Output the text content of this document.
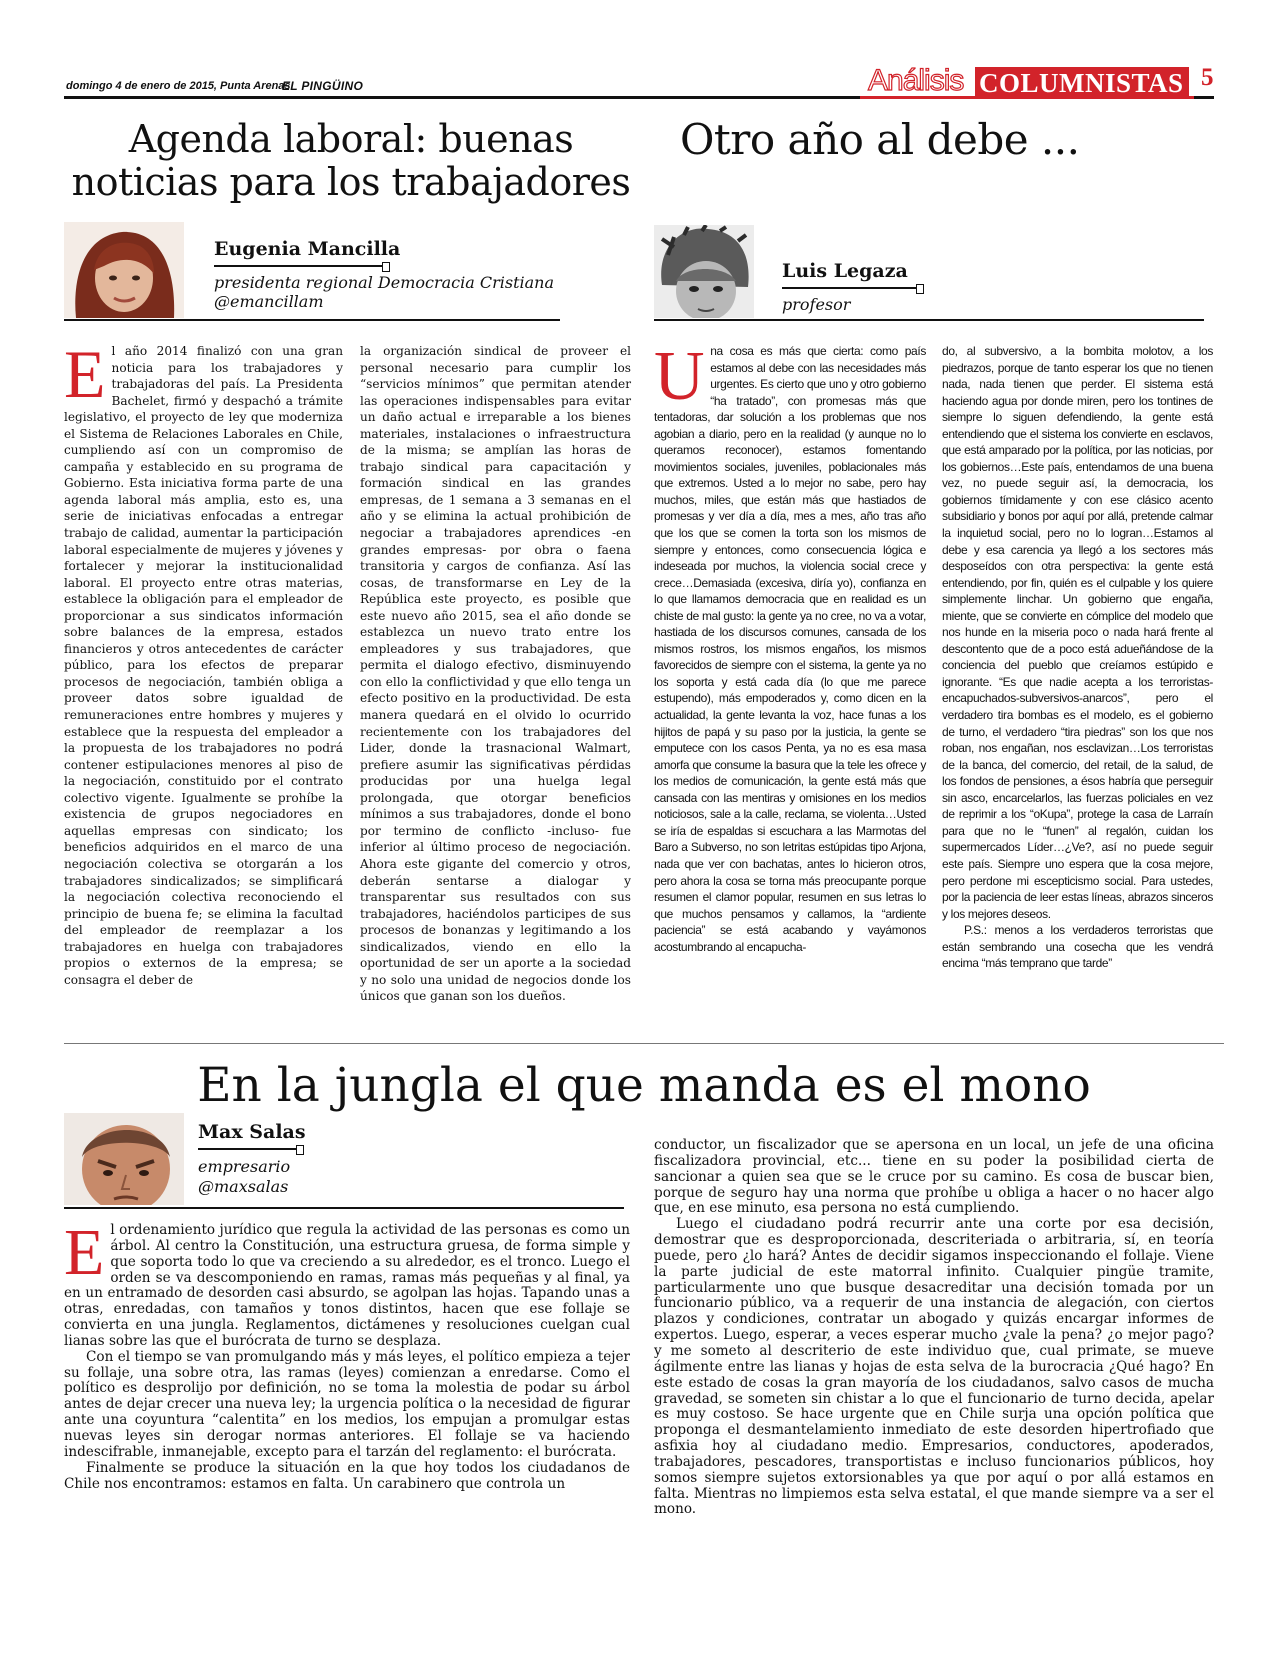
domingo 4 de enero de 2015, Punta Arenas
EL PINGÜINO	Análisis COLUMNISTAS 5
Agenda laboral: buenas noticias para los trabajadores
Eugenia Mancilla
presidenta regional Democracia Cristiana
@emancillam
El año 2014 finalizó con una gran noticia para los trabajadores y trabajadoras del país. La Presidenta Bachelet, firmó y despachó a trámite legislativo, el proyecto de ley que moderniza el Sistema de Relaciones Laborales en Chile, cumpliendo así con un compromiso de campaña y establecido en su programa de Gobierno. Esta iniciativa forma parte de una agenda laboral más amplia, esto es, una serie de iniciativas enfocadas a entregar trabajo de calidad, aumentar la participación laboral especialmente de mujeres y jóvenes y fortalecer y mejorar la institucionalidad laboral. El proyecto entre otras materias, establece la obligación para el empleador de proporcionar a sus sindicatos información sobre balances de la empresa, estados financieros y otros antecedentes de carácter público, para los efectos de preparar procesos de negociación, también obliga a proveer datos sobre igualdad de remuneraciones entre hombres y mujeres y establece que la respuesta del empleador a la propuesta de los trabajadores no podrá contener estipulaciones menores al piso de la negociación, constituido por el contrato colectivo vigente. Igualmente se prohíbe la existencia de grupos negociadores en aquellas empresas con sindicato; los beneficios adquiridos en el marco de una negociación colectiva se otorgarán a los trabajadores sindicalizados; se simplificará la negociación colectiva reconociendo el principio de buena fe; se elimina la facultad del empleador de reemplazar a los trabajadores en huelga con trabajadores propios o externos de la empresa; se consagra el deber de
la organización sindical de proveer el personal necesario para cumplir los “servicios mínimos” que permitan atender las operaciones indispensables para evitar un daño actual e irreparable a los bienes materiales, instalaciones o infraestructura de la misma; se amplían las horas de trabajo sindical para capacitación y formación sindical en las grandes empresas, de 1 semana a 3 semanas en el año y se elimina la actual prohibición de negociar a trabajadores aprendices -en grandes empresas- por obra o faena transitoria y cargos de confianza. Así las cosas, de transformarse en Ley de la República este proyecto, es posible que este nuevo año 2015, sea el año donde se establezca un nuevo trato entre los empleadores y sus trabajadores, que permita el dialogo efectivo, disminuyendo con ello la conflictividad y que ello tenga un efecto positivo en la productividad. De esta manera quedará en el olvido lo ocurrido recientemente con los trabajadores del Lider, donde la trasnacional Walmart, prefiere asumir las significativas pérdidas producidas por una huelga legal prolongada, que otorgar beneficios mínimos a sus trabajadores, donde el bono por termino de conflicto -incluso- fue inferior al último proceso de negociación. Ahora este gigante del comercio y otros, deberán sentarse a dialogar y transparentar sus resultados con sus trabajadores, haciéndolos participes de sus procesos de bonanzas y legitimando a los sindicalizados, viendo en ello la oportunidad de ser un aporte a la sociedad y no solo una unidad de negocios donde los únicos que ganan son los dueños.
Otro año al debe ...
Luis Legaza
profesor
Una cosa es más que cierta: como país estamos al debe con las necesidades más urgentes. Es cierto que uno y otro gobierno “ha tratado”, con promesas más que tentadoras, dar solución a los problemas que nos agobian a diario, pero en la realidad (y aunque no lo queramos reconocer), estamos fomentando movimientos sociales, juveniles, poblacionales más que extremos. Usted a lo mejor no sabe, pero hay muchos, miles, que están más que hastiados de promesas y ver día a día, mes a mes, año tras año que los que se comen la torta son los mismos de siempre y entonces, como consecuencia lógica e indeseada por muchos, la violencia social crece y crece…Demasiada (excesiva, diría yo), confianza en lo que llamamos democracia que en realidad es un chiste de mal gusto: la gente ya no cree, no va a votar, hastiada de los discursos comunes, cansada de los mismos rostros, los mismos engaños, los mismos favorecidos de siempre con el sistema, la gente ya no los soporta y está cada día (lo que me parece estupendo), más empoderados y, como dicen en la actualidad, la gente levanta la voz, hace funas a los hijitos de papá y su paso por la justicia, la gente se emputece con los casos Penta, ya no es esa masa amorfa que consume la basura que la tele les ofrece y los medios de comunicación, la gente está más que cansada con las mentiras y omisiones en los medios noticiosos, sale a la calle, reclama, se violenta…Usted se iría de espaldas si escuchara a las Marmotas del Baro a Subverso, no son letritas estúpidas tipo Arjona, nada que ver con bachatas, antes lo hicieron otros, pero ahora la cosa se torna más preocupante porque resumen el clamor popular, resumen en sus letras lo que muchos pensamos y callamos, la “ardiente paciencia” se está acabando y vayámonos acostumbrando al encapucha-

do, al subversivo, a la bombita molotov, a los piedrazos, porque de tanto esperar los que no tienen nada, nada tienen que perder. El sistema está haciendo agua por donde miren, pero los tontines de siempre lo siguen defendiendo, la gente está entendiendo que el sistema los convierte en esclavos, que está amparado por la política, por las noticias, por los gobiernos…Este país, entendamos de una buena vez, no puede seguir así, la democracia, los gobiernos tímidamente y con ese clásico acento subsidiario y bonos por aquí por allá, pretende calmar la inquietud social, pero no lo logran…Estamos al debe y esa carencia ya llegó a los sectores más desposeídos con otra perspectiva: la gente está entendiendo, por fin, quién es el culpable y los quiere simplemente linchar. Un gobierno que engaña, miente, que se convierte en cómplice del modelo que nos hunde en la miseria poco o nada hará frente al descontento que de a poco está adueñándose de la conciencia del pueblo que creíamos estúpido e ignorante. “Es que nadie acepta a los terroristas-encapuchados-subversivos-anarcos”, pero el verdadero tira bombas es el modelo, es el gobierno de turno, el verdadero “tira piedras” son los que nos roban, nos engañan, nos esclavizan…Los terroristas de la banca, del comercio, del retail, de la salud, de los fondos de pensiones, a ésos habría que perseguir sin asco, encarcelarlos, las fuerzas policiales en vez de reprimir a los “oKupa”, protege la casa de Larraín para que no le “funen” al regalón, cuidan los supermercados Líder…¿Ve?, así no puede seguir este país. Siempre uno espera que la cosa mejore, pero perdone mi escepticismo social. Para ustedes, por la paciencia de leer estas líneas, abrazos sinceros y los mejores deseos.

P.S.: menos a los verdaderos terroristas que están sembrando una cosecha que les vendrá encima “más temprano que tarde”

En la jungla el que manda es el mono
Max Salas
empresario
@maxsalas

El ordenamiento jurídico que regula la actividad de las personas es como un árbol. Al centro la Constitución, una estructura gruesa, de forma simple y que soporta todo lo que va creciendo a su alrededor, es el tronco. Luego el orden se va descomponiendo en ramas, ramas más pequeñas y al final, ya en un entramado de desorden casi absurdo, se agolpan las hojas. Tapando unas a otras, enredadas, con tamaños y tonos distintos, hacen que ese follaje se convierta en una jungla. Reglamentos, dictámenes y resoluciones cuelgan cual lianas sobre las que el burócrata de turno se desplaza.

Con el tiempo se van promulgando más y más leyes, el político empieza a tejer su follaje, una sobre otra, las ramas (leyes) comienzan a enredarse. Como el político es desprolijo por definición, no se toma la molestia de podar su árbol antes de dejar crecer una nueva ley; la urgencia política o la necesidad de figurar ante una coyuntura “calentita” en los medios, los empujan a promulgar estas nuevas leyes sin derogar normas anteriores. El follaje se va haciendo indescifrable, inmanejable, excepto para el tarzán del reglamento: el burócrata.

Finalmente se produce la situación en la que hoy todos los ciudadanos de Chile nos encontramos: estamos en falta. Un carabinero que controla un

conductor, un fiscalizador que se apersona en un local, un jefe de una oficina fiscalizadora provincial, etc... tiene en su poder la posibilidad cierta de sancionar a quien sea que se le cruce por su camino. Es cosa de buscar bien, porque de seguro hay una norma que prohíbe u obliga a hacer o no hacer algo que, en ese minuto, esa persona no está cumpliendo.

Luego el ciudadano podrá recurrir ante una corte por esa decisión, demostrar que es desproporcionada, descriteriada o arbitraria, sí, en teoría puede, pero ¿lo hará? Antes de decidir sigamos inspeccionando el follaje. Viene la parte judicial de este matorral infinito. Cualquier pingüe tramite, particularmente uno que busque desacreditar una decisión tomada por un funcionario público, va a requerir de una instancia de alegación, con ciertos plazos y condiciones, contratar un abogado y quizás encargar informes de expertos. Luego, esperar, a veces esperar mucho ¿vale la pena? ¿o mejor pago? y me someto al descriterio de este individuo que, cual primate, se mueve ágilmente entre las lianas y hojas de esta selva de la burocracia ¿Qué hago? En este estado de cosas la gran mayoría de los ciudadanos, salvo casos de mucha gravedad, se someten sin chistar a lo que el funcionario de turno decida, apelar es muy costoso. Se hace urgente que en Chile surja una opción política que proponga el desmantelamiento inmediato de este desorden hipertrofiado que asfixia hoy al ciudadano medio. Empresarios, conductores, apoderados, trabajadores, pescadores, transportistas e incluso funcionarios públicos, hoy somos siempre sujetos extorsionables ya que por aquí o por allá estamos en falta. Mientras no limpiemos esta selva estatal, el que mande siempre va a ser el mono.
